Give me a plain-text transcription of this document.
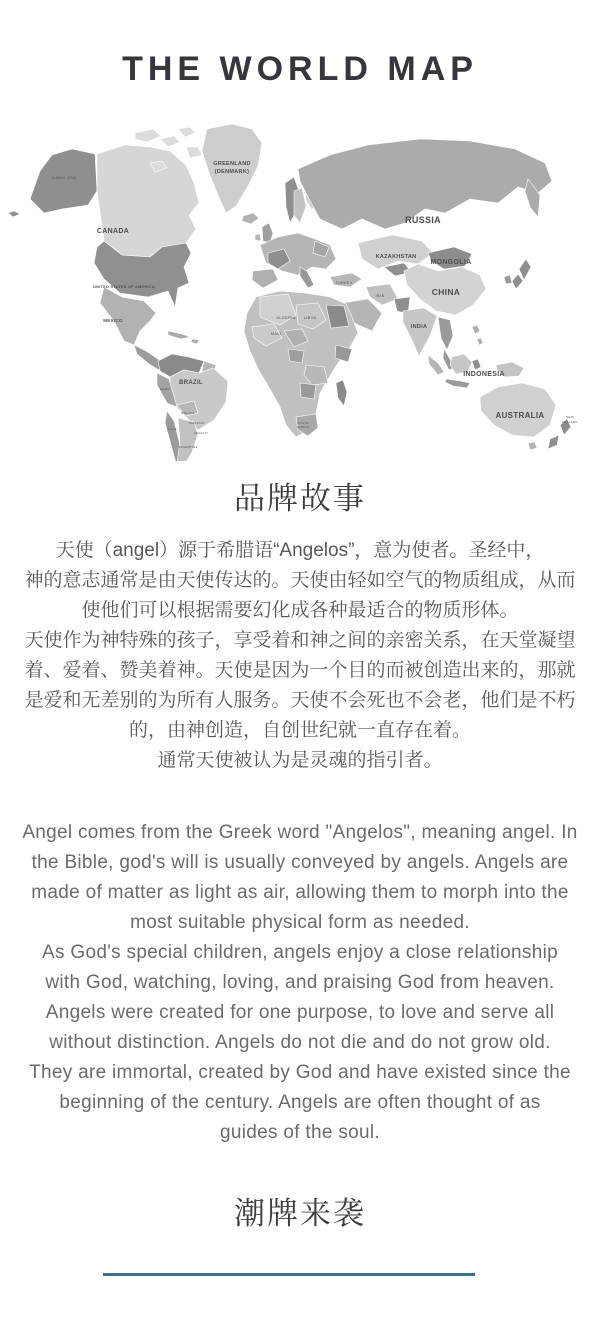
THE WORLD MAP
ALASKA (USA)
CANADA
GREENLAND
(DENMARK)
UNITED STATES OF AMERICA
MEXICO
BRAZIL
PERU
BOLIVIA
PARAGUAY
CHILE
URUGUAY
ARGENTINA
RUSSIA
KAZAKHSTAN
MONGOLIA
CHINA
INDIA
TURKEY
IRAN
ALGERIA LIBYA
MALI
SOUTH
AFRICA
INDONESIA
AUSTRALIA	NEW
ZEALAND
品牌故事
天使（angel）源于希腊语“Angelos”，意为使者。圣经中，
神的意志通常是由天使传达的。天使由轻如空气的物质组成，从而
使他们可以根据需要幻化成各种最适合的物质形体。
天使作为神特殊的孩子，享受着和神之间的亲密关系，在天堂凝望
着、爱着、赞美着神。天使是因为一个目的而被创造出来的，那就
是爱和无差别的为所有人服务。天使不会死也不会老，他们是不朽
的，由神创造，自创世纪就一直存在着。
通常天使被认为是灵魂的指引者。
Angel comes from the Greek word "Angelos", meaning angel. In
the Bible, god's will is usually conveyed by angels. Angels are
made of matter as light as air, allowing them to morph into the
most suitable physical form as needed.
As God's special children, angels enjoy a close relationship
with God, watching, loving, and praising God from heaven.
Angels were created for one purpose, to love and serve all
without distinction. Angels do not die and do not grow old.
They are immortal, created by God and have existed since the
beginning of the century. Angels are often thought of as
guides of the soul.
潮牌来袭
